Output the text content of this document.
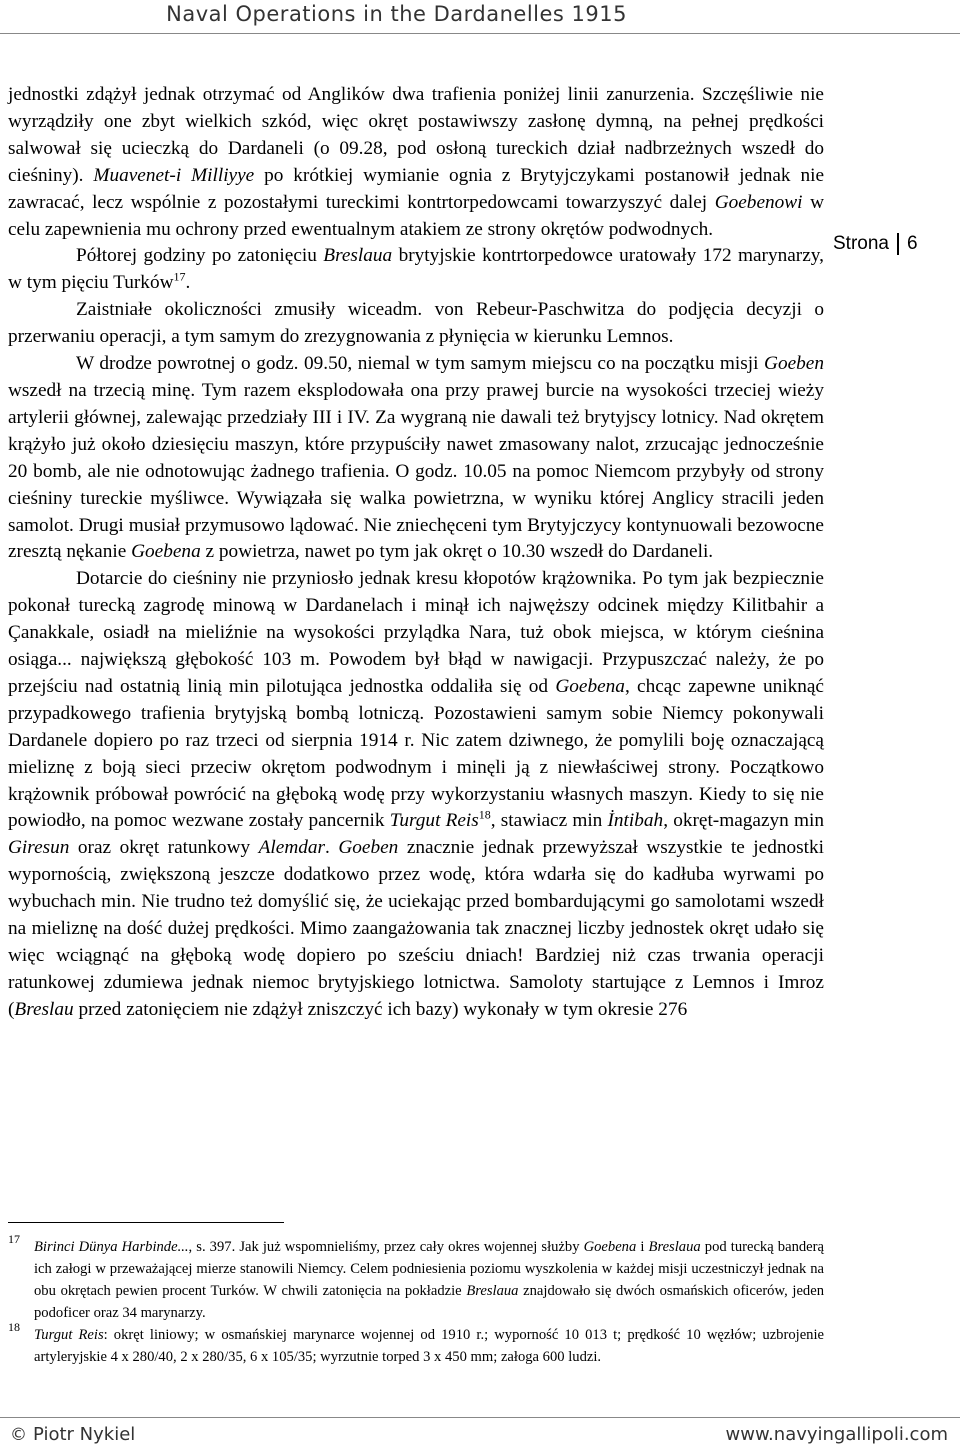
Naval Operations in the Dardanelles 1915

jednostki zdążył jednak otrzymać od Anglików dwa trafienia poniżej linii zanurzenia. Szczęśliwie nie wyrządziły one zbyt wielkich szkód, więc okręt postawiwszy zasłonę dymną, na pełnej prędkości salwował się ucieczką do Dardaneli (o 09.28, pod osłoną tureckich dział nadbrzeżnych wszedł do cieśniny). Muavenet-i Milliyye po krótkiej wymianie ognia z Brytyjczykami postanowił jednak nie zawracać, lecz wspólnie z pozostałymi tureckimi kontrtorpedowcami towarzyszyć dalej Goebenowi w celu zapewnienia mu ochrony przed ewentualnym atakiem ze strony okrętów podwodnych.

Półtorej godziny po zatonięciu Breslaua brytyjskie kontrtorpedowce uratowały 172 marynarzy, w tym pięciu Turków$^{17}$.

Zaistniałe okoliczności zmusiły wiceadm. von Rebeur-Paschwitza do podjęcia decyzji o przerwaniu operacji, a tym samym do zrezygnowania z płynięcia w kierunku Lemnos.

W drodze powrotnej o godz. 09.50, niemal w tym samym miejscu co na początku misji Goeben wszedł na trzecią minę. Tym razem eksplodowała ona przy prawej burcie na wysokości trzeciej wieży artylerii głównej, zalewając przedziały III i IV. Za wygraną nie dawali też brytyjscy lotnicy. Nad okrętem krążyło już około dziesięciu maszyn, które przypuściły nawet zmasowany nalot, zrzucając jednocześnie 20 bomb, ale nie odnotowując żadnego trafienia. O godz. 10.05 na pomoc Niemcom przybyły od strony cieśniny tureckie myśliwce. Wywiązała się walka powietrzna, w wyniku której Anglicy stracili jeden samolot. Drugi musiał przymusowo lądować. Nie zniechęceni tym Brytyjczycy kontynuowali bezowocne zresztą nękanie Goebena z powietrza, nawet po tym jak okręt o 10.30 wszedł do Dardaneli.

Dotarcie do cieśniny nie przyniosło jednak kresu kłopotów krążownika. Po tym jak bezpiecznie pokonał turecką zagrodę minową w Dardanelach i minął ich najwęższy odcinek między Kilitbahir a Çanakkale, osiadł na mieliźnie na wysokości przylądka Nara, tuż obok miejsca, w którym cieśnina osiąga... największą głębokość 103 m. Powodem był błąd w nawigacji. Przypuszczać należy, że po przejściu nad ostatnią linią min pilotująca jednostka oddaliła się od Goebena, chcąc zapewne uniknąć przypadkowego trafienia brytyjską bombą lotniczą. Pozostawieni samym sobie Niemcy pokonywali Dardanele dopiero po raz trzeci od sierpnia 1914 r. Nic zatem dziwnego, że pomylili boję oznaczającą mieliznę z boją sieci przeciw okrętom podwodnym i minęli ją z niewłaściwej strony. Początkowo krążownik próbował powrócić na głęboką wodę przy wykorzystaniu własnych maszyn. Kiedy to się nie powiodło, na pomoc wezwane zostały pancernik Turgut Reis$^{18}$, stawiacz min İntibah, okręt-magazyn min Giresun oraz okręt ratunkowy Alemdar. Goeben znacznie jednak przewyższał wszystkie te jednostki wypornością, zwiększoną jeszcze dodatkowo przez wodę, która wdarła się do kadłuba wyrwami po wybuchach min. Nie trudno też domyślić się, że uciekając przed bombardującymi go samolotami wszedł na mieliznę na dość dużej prędkości. Mimo zaangażowania tak znacznej liczby jednostek okręt udało się więc wciągnąć na głęboką wodę dopiero po sześciu dniach! Bardziej niż czas trwania operacji ratunkowej zdumiewa jednak niemoc brytyjskiego lotnictwa. Samoloty startujące z Lemnos i Imroz (Breslau przed zatonięciem nie zdążył zniszczyć ich bazy) wykonały w tym okresie 276

Strona 6

17 Birinci Dünya Harbinde..., s. 397. Jak już wspomnieliśmy, przez cały okres wojennej służby Goebena i Breslaua pod turecką banderą ich załogi w przeważającej mierze stanowili Niemcy. Celem podniesienia poziomu wyszkolenia w każdej misji uczestniczył jednak na obu okrętach pewien procent Turków. W chwili zatonięcia na pokładzie Breslaua znajdowało się dwóch osmańskich oficerów, jeden podoficer oraz 34 marynarzy.

18 Turgut Reis: okręt liniowy; w osmańskiej marynarce wojennej od 1910 r.; wyporność 10 013 t; prędkość 10 węzłów; uzbrojenie artyleryjskie 4 x 280/40, 2 x 280/35, 6 x 105/35; wyrzutnie torped 3 x 450 mm; załoga 600 ludzi.

© Piotr Nykiel	www.navyingallipoli.com
